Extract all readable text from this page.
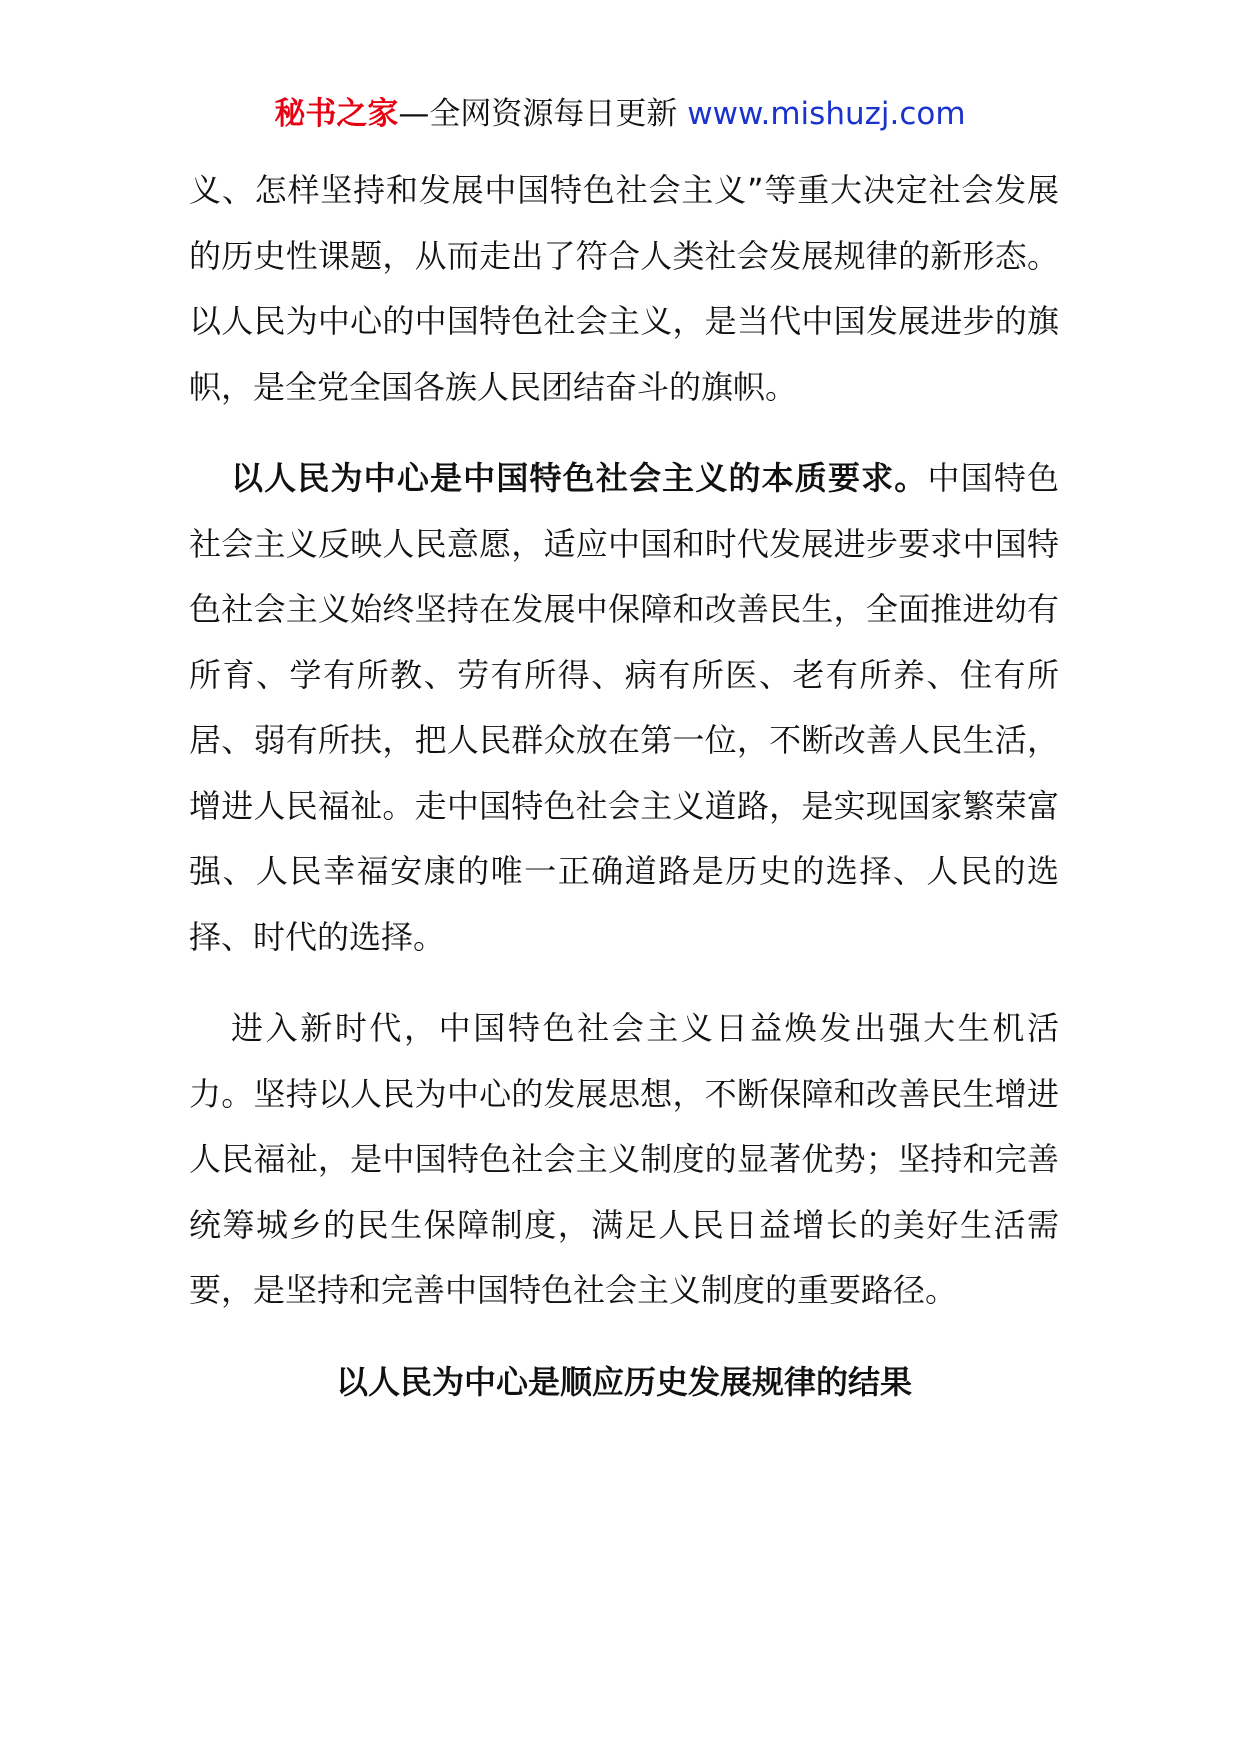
秘书之家—全网资源每日更新 www.mishuzj.com

义、怎样坚持和发展中国特色社会主义”等重大决定社会发展的历史性课题，从而走出了符合人类社会发展规律的新形态。以人民为中心的中国特色社会主义，是当代中国发展进步的旗帜，是全党全国各族人民团结奋斗的旗帜。

以人民为中心是中国特色社会主义的本质要求。中国特色社会主义反映人民意愿，适应中国和时代发展进步要求中国特色社会主义始终坚持在发展中保障和改善民生，全面推进幼有所育、学有所教、劳有所得、病有所医、老有所养、住有所居、弱有所扶，把人民群众放在第一位，不断改善人民生活，增进人民福祉。走中国特色社会主义道路，是实现国家繁荣富强、人民幸福安康的唯一正确道路是历史的选择、人民的选择、时代的选择。

进入新时代，中国特色社会主义日益焕发出强大生机活力。坚持以人民为中心的发展思想，不断保障和改善民生增进人民福祉，是中国特色社会主义制度的显著优势；坚持和完善统筹城乡的民生保障制度，满足人民日益增长的美好生活需要，是坚持和完善中国特色社会主义制度的重要路径。

以人民为中心是顺应历史发展规律的结果
